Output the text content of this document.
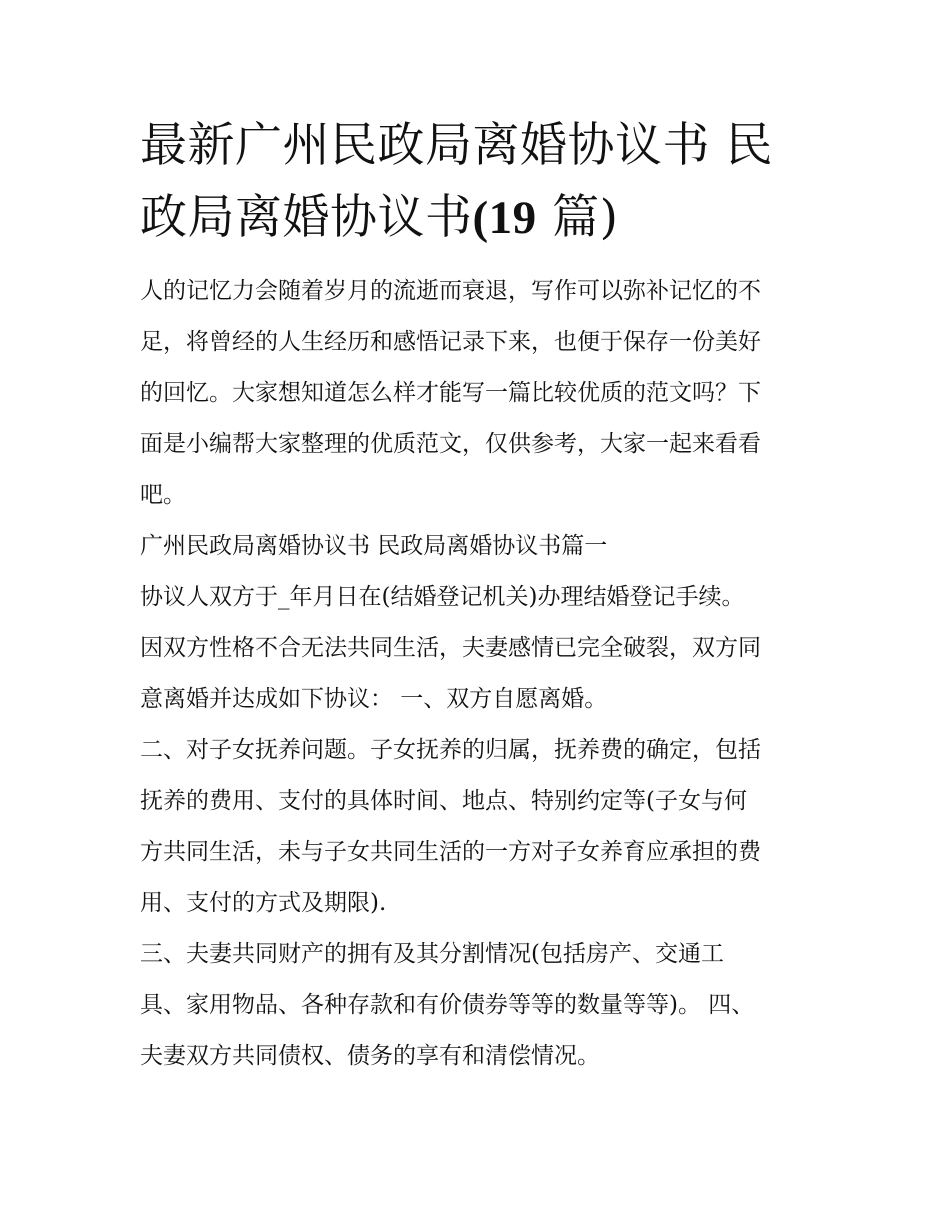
最新广州民政局离婚协议书 民
政局离婚协议书(19 篇)

人的记忆力会随着岁月的流逝而衰退，写作可以弥补记忆的不
足，将曾经的人生经历和感悟记录下来，也便于保存一份美好
的回忆。大家想知道怎么样才能写一篇比较优质的范文吗？下
面是小编帮大家整理的优质范文，仅供参考，大家一起来看看
吧。

广州民政局离婚协议书 民政局离婚协议书篇一

协议人双方于_年月日在(结婚登记机关)办理结婚登记手续。
因双方性格不合无法共同生活，夫妻感情已完全破裂，双方同
意离婚并达成如下协议： 一、双方自愿离婚。
二、对子女抚养问题。子女抚养的归属，抚养费的确定，包括
抚养的费用、支付的具体时间、地点、特别约定等(子女与何
方共同生活，未与子女共同生活的一方对子女养育应承担的费
用、支付的方式及期限).
三、夫妻共同财产的拥有及其分割情况(包括房产、交通工
具、家用物品、各种存款和有价债券等等的数量等等)。 四、
夫妻双方共同债权、债务的享有和清偿情况。
